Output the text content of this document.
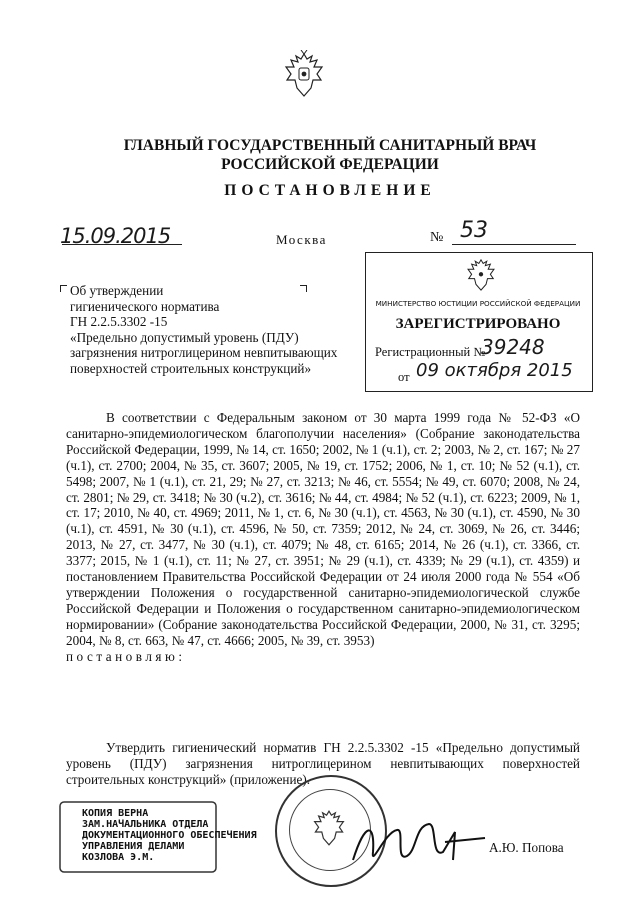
ГЛАВНЫЙ ГОСУДАРСТВЕННЫЙ САНИТАРНЫЙ ВРАЧ
РОССИЙСКОЙ ФЕДЕРАЦИИ
ПОСТАНОВЛЕНИЕ
15.09.2015	Москва	№ 53
Об утверждении
гигиенического норматива
ГН 2.2.5.3302 -15
«Предельно допустимый уровень (ПДУ)
загрязнения нитроглицерином невпитывающих
поверхностей строительных конструкций»
МИНИСТЕРСТВО ЮСТИЦИИ РОССИЙСКОЙ ФЕДЕРАЦИИ
ЗАРЕГИСТРИРОВАНО
Регистрационный №
39248
от 09 октября 2015

В соответствии с Федеральным законом от 30 марта 1999 года № 52-ФЗ «О санитарно-эпидемиологическом благополучии населения» (Собрание законодательства Российской Федерации, 1999, № 14, ст. 1650; 2002, № 1 (ч.1), ст. 2; 2003, № 2, ст. 167; № 27 (ч.1), ст. 2700; 2004, № 35, ст. 3607; 2005, № 19, ст. 1752; 2006, № 1, ст. 10; № 52 (ч.1), ст. 5498; 2007, № 1 (ч.1), ст. 21, 29; № 27, ст. 3213; № 46, ст. 5554; № 49, ст. 6070; 2008, № 24, ст. 2801; № 29, ст. 3418; № 30 (ч.2), ст. 3616; № 44, ст. 4984; № 52 (ч.1), ст. 6223; 2009, № 1, ст. 17; 2010, № 40, ст. 4969; 2011, № 1, ст. 6, № 30 (ч.1), ст. 4563, № 30 (ч.1), ст. 4590, № 30 (ч.1), ст. 4591, № 30 (ч.1), ст. 4596, № 50, ст. 7359; 2012, № 24, ст. 3069, № 26, ст. 3446; 2013, № 27, ст. 3477, № 30 (ч.1), ст. 4079; № 48, ст. 6165; 2014, № 26 (ч.1), ст. 3366, ст. 3377; 2015, № 1 (ч.1), ст. 11; № 27, ст. 3951; № 29 (ч.1), ст. 4339; № 29 (ч.1), ст. 4359) и постановлением Правительства Российской Федерации от 24 июля 2000 года № 554 «Об утверждении Положения о государственной санитарно-эпидемиологической службе Российской Федерации и Положения о государственном санитарно-эпидемиологическом нормировании» (Собрание законодательства Российской Федерации, 2000, № 31, ст. 3295; 2004, № 8, ст. 663, № 47, ст. 4666; 2005, № 39, ст. 3953)

постановляю:

Утвердить гигиенический норматив ГН 2.2.5.3302 -15 «Предельно допустимый уровень (ПДУ) загрязнения нитроглицерином невпитывающих поверхностей строительных конструкций» (приложение).

КОПИЯ ВЕРНА
ЗАМ.НАЧАЛЬНИКА ОТДЕЛА
ДОКУМЕНТАЦИОННОГО ОБЕСПЕЧЕНИЯ
УПРАВЛЕНИЯ ДЕЛАМИ
КОЗЛОВА Э.М.
А.Ю. Попова
